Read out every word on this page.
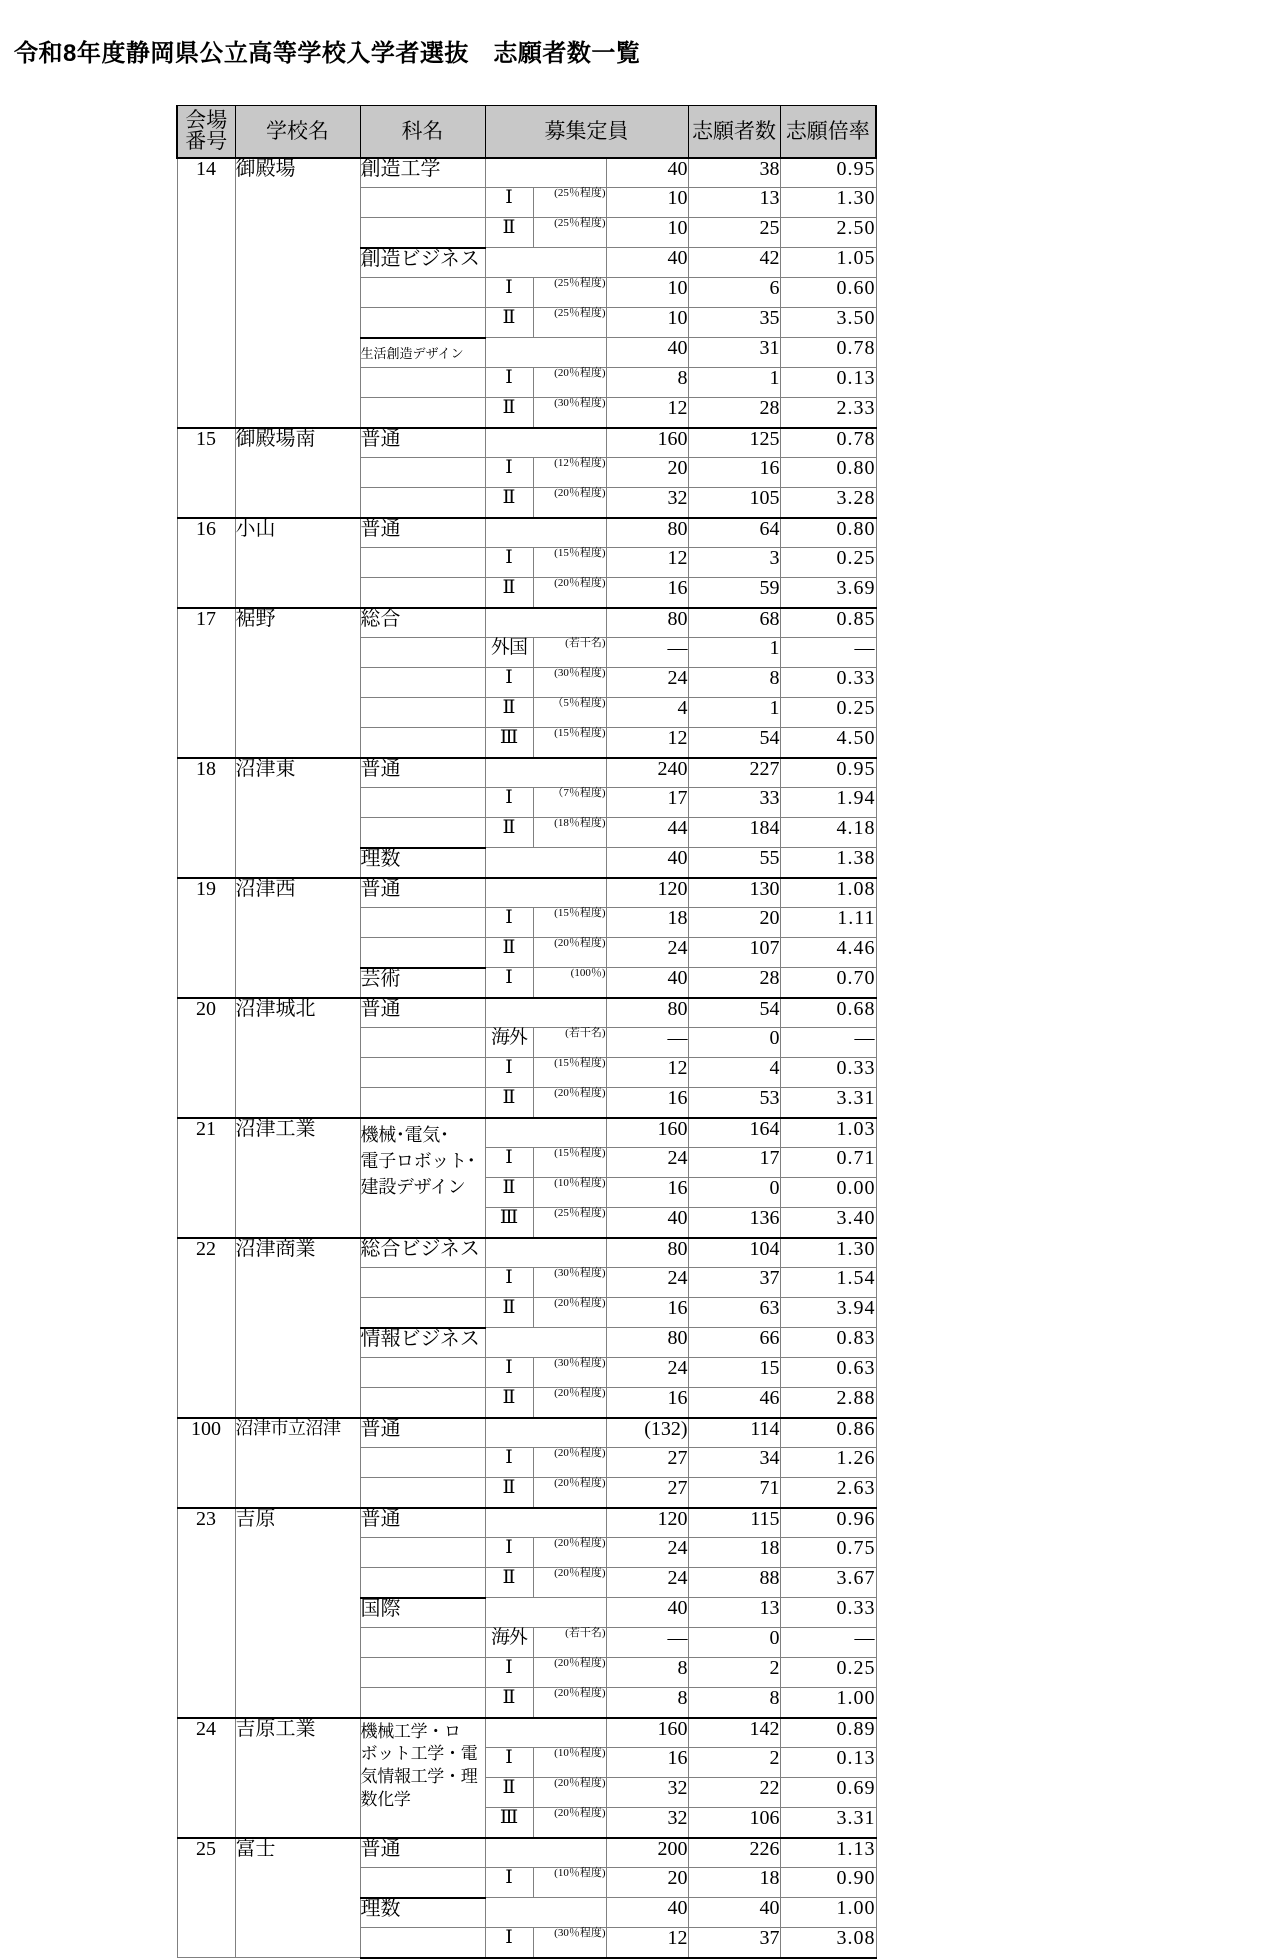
令和8年度静岡県公立高等学校入学者選抜　志願者数一覧
会場
番号	学校名	科名	募集定員			志願者数	志願倍率
14	御殿場	創造工学			40	38	0.95
			Ⅰ	(25％程度)	10	13	1.30
			Ⅱ	(25％程度)	10	25	2.50
		創造ビジネス			40	42	1.05
			Ⅰ	(25％程度)	10	6	0.60
			Ⅱ	(25％程度)	10	35	3.50
		生活創造デザイン			40	31	0.78
			Ⅰ	(20％程度)	8	1	0.13
			Ⅱ	(30％程度)	12	28	2.33
15	御殿場南	普通			160	125	0.78
			Ⅰ	(12％程度)	20	16	0.80
			Ⅱ	(20％程度)	32	105	3.28
16	小山	普通			80	64	0.80
			Ⅰ	(15％程度)	12	3	0.25
			Ⅱ	(20％程度)	16	59	3.69
17	裾野	総合			80	68	0.85
			外国	(若干名)	―	1	―
			Ⅰ	(30％程度)	24	8	0.33
			Ⅱ	（5％程度)	4	1	0.25
			Ⅲ	(15％程度)	12	54	4.50
18	沼津東	普通			240	227	0.95
			Ⅰ	（7％程度)	17	33	1.94
			Ⅱ	(18％程度)	44	184	4.18
		理数			40	55	1.38
19	沼津西	普通			120	130	1.08
			Ⅰ	(15％程度)	18	20	1.11
			Ⅱ	(20％程度)	24	107	4.46
		芸術	Ⅰ	(100％)	40	28	0.70
20	沼津城北	普通			80	54	0.68
			海外	(若干名)	―	0	―
			Ⅰ	(15％程度)	12	4	0.33
			Ⅱ	(20％程度)	16	53	3.31
21	沼津工業	機械･電気･
電子ロボット･
建設デザイン			160	164	1.03
			Ⅰ	(15％程度)	24	17	0.71
			Ⅱ	(10％程度)	16	0	0.00
			Ⅲ	(25％程度)	40	136	3.40
22	沼津商業	総合ビジネス			80	104	1.30
			Ⅰ	(30％程度)	24	37	1.54
			Ⅱ	(20％程度)	16	63	3.94
		情報ビジネス			80	66	0.83
			Ⅰ	(30％程度)	24	15	0.63
			Ⅱ	(20％程度)	16	46	2.88
100	沼津市立沼津	普通			(132)	114	0.86
			Ⅰ	(20％程度)	27	34	1.26
			Ⅱ	(20％程度)	27	71	2.63
23	吉原	普通			120	115	0.96
			Ⅰ	(20％程度)	24	18	0.75
			Ⅱ	(20％程度)	24	88	3.67
		国際			40	13	0.33
			海外	(若干名)	―	0	―
			Ⅰ	(20％程度)	8	2	0.25
			Ⅱ	(20％程度)	8	8	1.00
24	吉原工業	機械工学・ロ
ボット工学・電
気情報工学・理
数化学			160	142	0.89
			Ⅰ	(10％程度)	16	2	0.13
			Ⅱ	(20％程度)	32	22	0.69
			Ⅲ	(20％程度)	32	106	3.31
25	富士	普通			200	226	1.13
			Ⅰ	(10％程度)	20	18	0.90
		理数			40	40	1.00
			Ⅰ	(30％程度)	12	37	3.08
